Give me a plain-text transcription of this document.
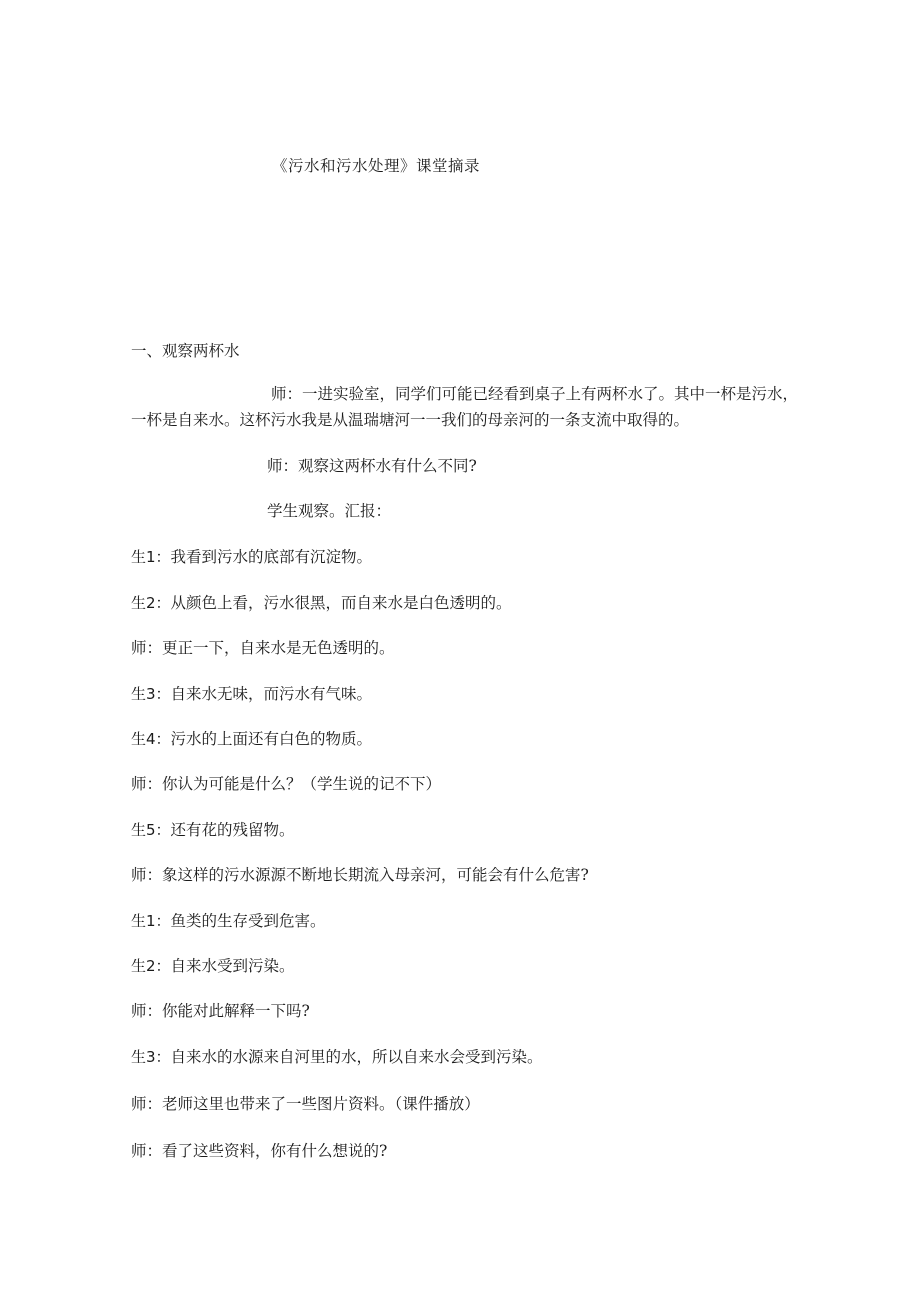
《污水和污水处理》课堂摘录
一、观察两杯水
师：一进实验室，同学们可能已经看到桌子上有两杯水了。其中一杯是污水，一杯是自来水。这杯污水我是从温瑞塘河一一我们的母亲河的一条支流中取得的。
师：观察这两杯水有什么不同?
学生观察。汇报：
生1：我看到污水的底部有沉淀物。
生2：从颜色上看，污水很黑，而自来水是白色透明的。
师：更正一下，自来水是无色透明的。
生3：自来水无味，而污水有气味。
生4：污水的上面还有白色的物质。
师：你认为可能是什么？（学生说的记不下）
生5：还有花的残留物。
师：象这样的污水源源不断地长期流入母亲河，可能会有什么危害?
生1：鱼类的生存受到危害。
生2：自来水受到污染。
师：你能对此解释一下吗?
生3：自来水的水源来自河里的水，所以自来水会受到污染。
师：老师这里也带来了一些图片资料。（课件播放）
师：看了这些资料，你有什么想说的?
